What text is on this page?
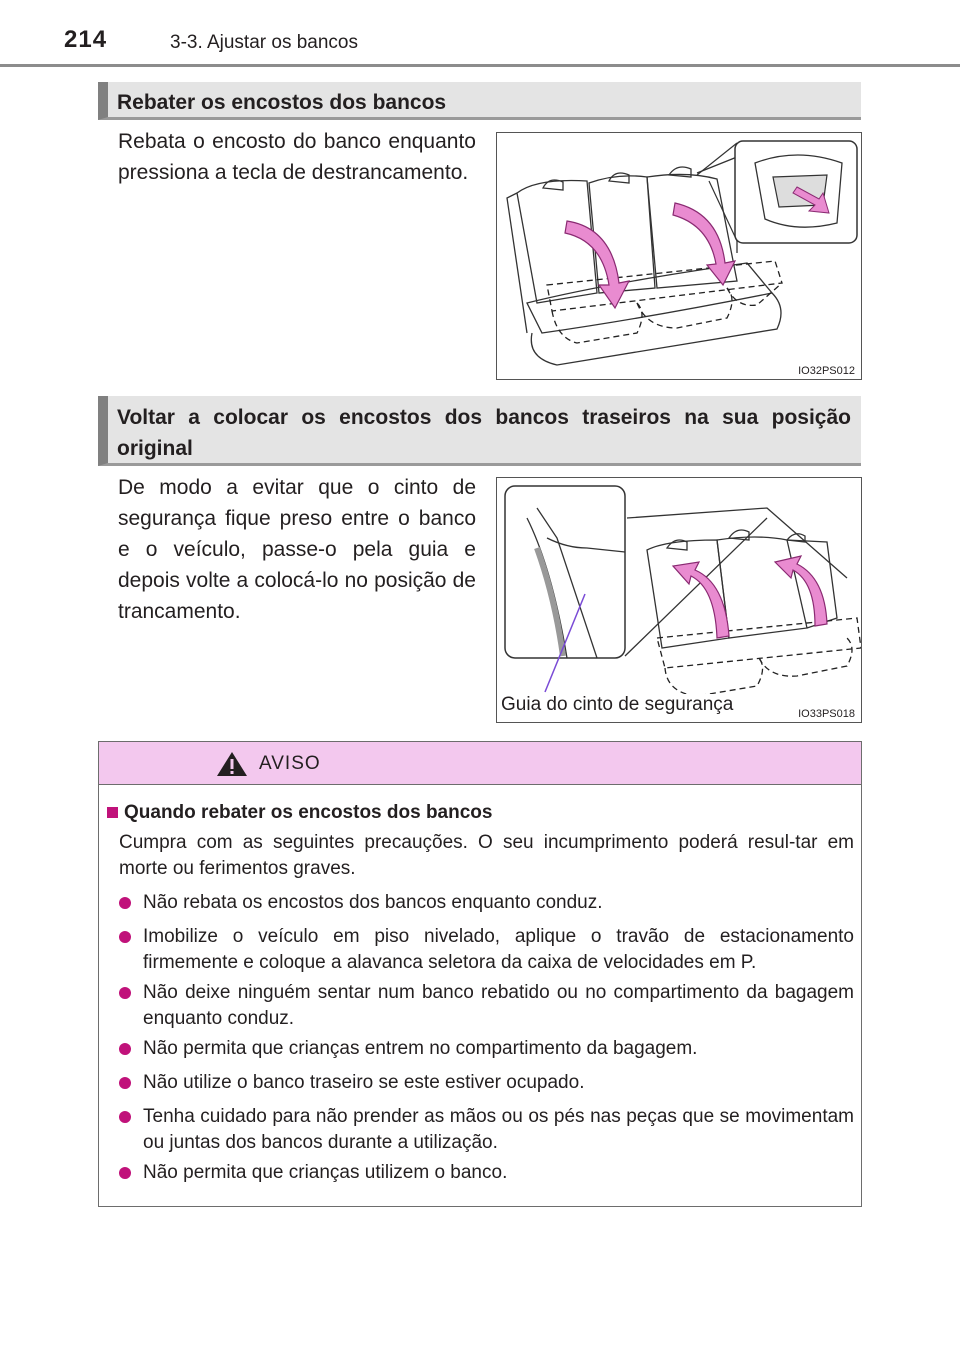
214	3-3. Ajustar os bancos
Rebater os encostos dos bancos
Rebata o encosto do banco enquanto pressiona a tecla de destrancamento.
IO32PS012
Voltar a colocar os encostos dos bancos traseiros na sua posição original
De modo a evitar que o cinto de segurança fique preso entre o banco e o veículo, passe-o pela guia e depois volte a colocá-lo no posição de trancamento.
Guia do cinto de segurança	IO33PS018
AVISO
Quando rebater os encostos dos bancos
Cumpra com as seguintes precauções. O seu incumprimento poderá resul-tar em morte ou ferimentos graves.
Não rebata os encostos dos bancos enquanto conduz.
Imobilize o veículo em piso nivelado, aplique o travão de estacionamento firmemente e coloque a alavanca seletora da caixa de velocidades em P.
Não deixe ninguém sentar num banco rebatido ou no compartimento da bagagem enquanto conduz.
Não permita que crianças entrem no compartimento da bagagem.
Não utilize o banco traseiro se este estiver ocupado.
Tenha cuidado para não prender as mãos ou os pés nas peças que se movimentam ou juntas dos bancos durante a utilização.
Não permita que crianças utilizem o banco.
